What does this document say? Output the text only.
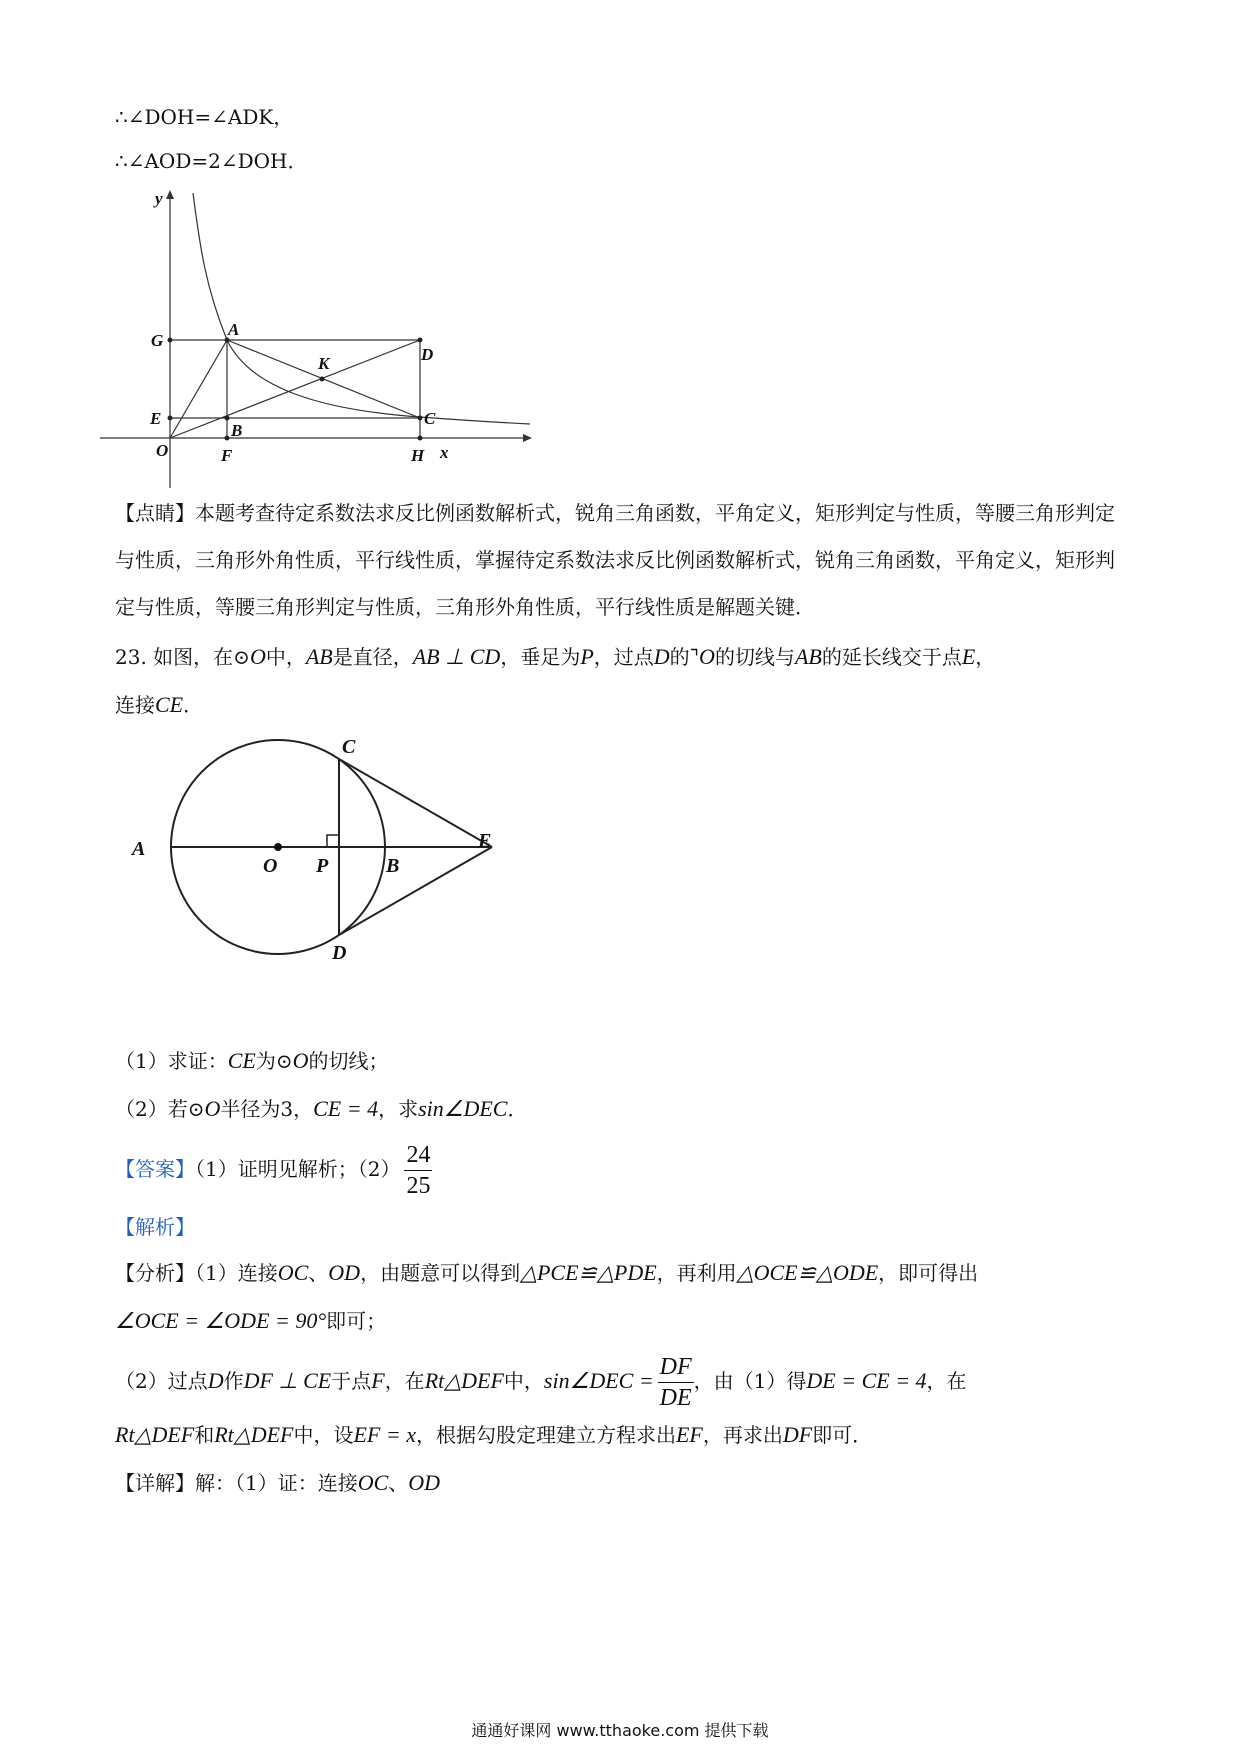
∴∠DOH=∠ADK，
∴∠AOD=2∠DOH．
y
x
G
A
D
K
E
B
C
O	F	H
【点睛】本题考查待定系数法求反比例函数解析式，锐角三角函数，平角定义，矩形判定与性质，等腰三角形判定与性质，三角形外角性质，平行线性质，掌握待定系数法求反比例函数解析式，锐角三角函数，平角定义，矩形判定与性质，等腰三角形判定与性质，三角形外角性质，平行线性质是解题关键．
23. 如图，在⊙O中，AB是直径，AB ⊥ CD，垂足为P，过点D的⌝O的切线与AB的延长线交于点E，
连接CE．
C
A
O P	B
E
D
（1）求证：CE为⊙O的切线；
（2）若⊙O半径为3，CE = 4，求sin∠DEC．
【答案】（1）证明见解析；$(2) \frac{24}{25}$
【解析】
【分析】（1）连接OC、OD，由题意可以得到△PCE≌△PDE，再利用△OCE≌△ODE，即可得出
∠OCE = ∠ODE = 90°即可；
（2）过点D作DF ⊥ CE于点F，在Rt△DEF中，sin∠DEC = $\frac{DF}{DE}$ ，由（1）得DE = CE = 4，在
Rt△DEF和Rt△DEF中，设EF = x，根据勾股定理建立方程求出EF，再求出DF即可．
【详解】解：（1）证：连接OC、OD
通通好课网 www.tthaoke.com 提供下载
